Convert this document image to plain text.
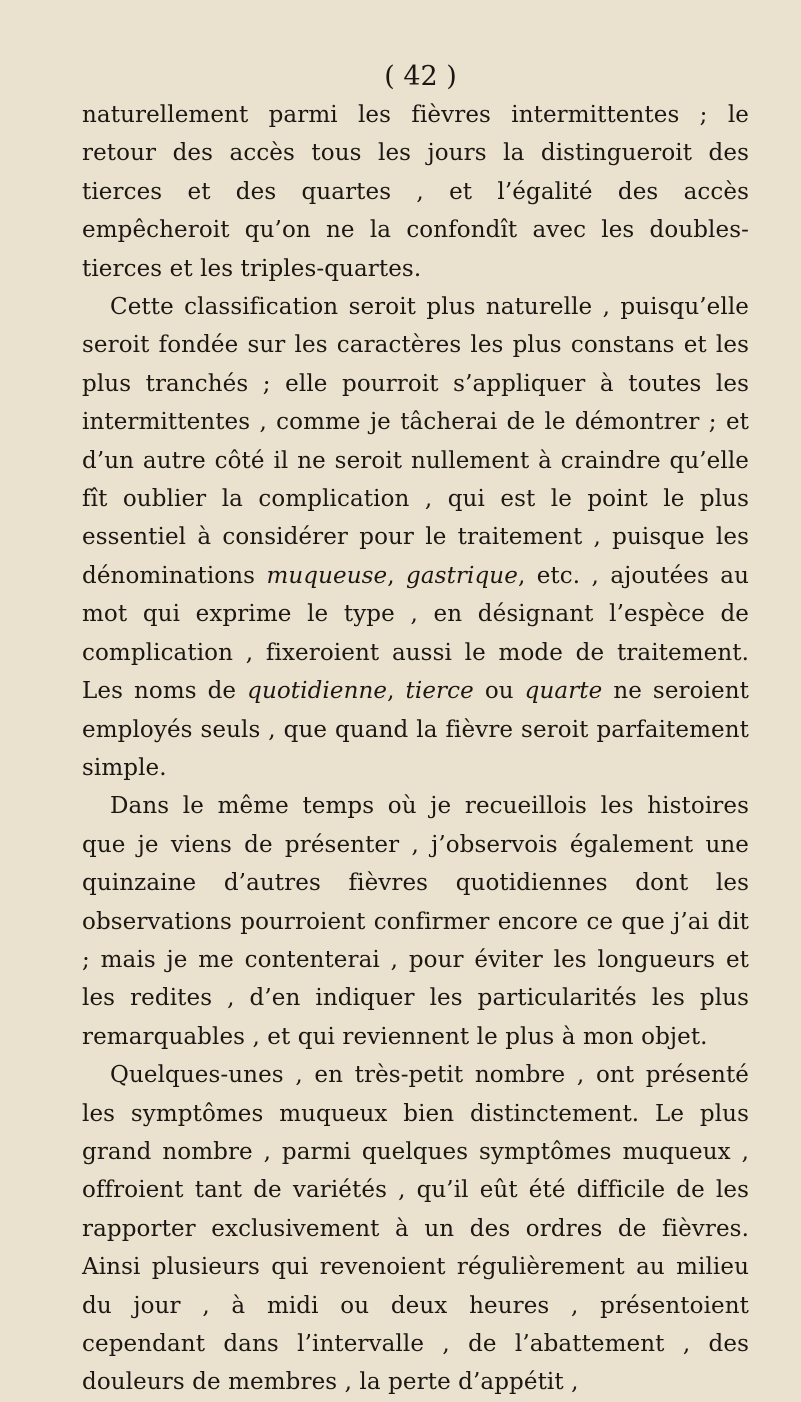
( 42 )

naturellement parmi les fièvres intermittentes ; le retour des accès tous les jours la distingueroit des tierces et des quartes , et l’égalité des accès empêcheroit qu’on ne la confondît avec les doubles-tierces et les triples-quartes.

Cette classification seroit plus naturelle , puisqu’elle seroit fondée sur les caractères les plus constans et les plus tranchés ; elle pourroit s’appliquer à toutes les intermittentes , comme je tâcherai de le démontrer ; et d’un autre côté il ne seroit nullement à craindre qu’elle fît oublier la complication , qui est le point le plus essentiel à considérer pour le traitement , puisque les dénominations muqueuse, gastrique, etc. , ajoutées au mot qui exprime le type , en désignant l’espèce de complication , fixeroient aussi le mode de traitement. Les noms de quotidienne, tierce ou quarte ne seroient employés seuls , que quand la fièvre seroit parfaitement simple.

Dans le même temps où je recueillois les histoires que je viens de présenter , j’observois également une quinzaine d’autres fièvres quotidiennes dont les observations pourroient confirmer encore ce que j’ai dit ; mais je me contenterai , pour éviter les longueurs et les redites , d’en indiquer les particularités les plus remarquables , et qui reviennent le plus à mon objet.

Quelques-unes , en très-petit nombre , ont présenté les symptômes muqueux bien distinctement. Le plus grand nombre , parmi quelques symptômes muqueux , offroient tant de variétés , qu’il eût été difficile de les rapporter exclusivement à un des ordres de fièvres. Ainsi plusieurs qui revenoient régulièrement au milieu du jour , à midi ou deux heures , présentoient cependant dans l’intervalle , de l’abattement , des douleurs de membres , la perte d’appétit ,
